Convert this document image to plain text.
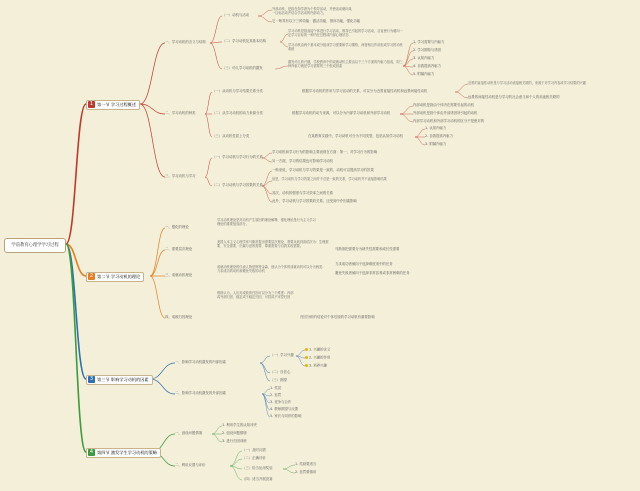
学前教育心理学学习过程
1 第一节 学习过程概述
一、学习动机的含义与结构
（一）动机与活动
外部动机，是指在如学游为个领导活动，并使活动朝向某一目标活动并结合学活动的内部动力。
它一般具有以下三种功能：激活功能，指向功能，强化功能
（二）学习动机及其基本结构
学习动机是指直接个体进行学习活动，维持已引起的学习活动，目直使行为朝向一定学习目标的一种内在过程或内部心理状态
学习动机由两个基本成分组成学习需要和学习期待，两者相互作用组成学习的动机系统
（三）幼儿学习动机的激发
激发幼儿的兴趣，学校教育中的成就动机主要由以下三个方面的内驱力组成，即三种内驱力就是学习需要的三个组成因素
1. 学习需要与内驱力
2. 学习期待与诱因
3. 认知内驱力
4. 自我提高内驱力
5. 附属内驱力
二、学习动机的种类
（一）从动机与学习结果关系分类	根据学习动机的作用与学习活动的关系，可以分为近景直接性动机和远景间接性动机
近景的直接性动机是与学习活动直接相关联的，来源于对学习内容或学习结果的兴趣
远景的间接性动机是与学习的社会意义和个人的前途相关联的
（二）从学习动机的动力来源分类	根据学习动机的动力来源，可以分为内部学习动机和外部学习动机
内部动机是指由个体内在需要引起的动机
外部动机是指个体由外部诱因所引起的动机
内部学习动机和外部学习动机的区分不是绝对的
（三）从动机性质上分类	在某教育实践中，学习动机可分为不同类型，包括认知学习动机
1. 认知内驱力
2. 自我提高内驱力
3. 附属内驱力
三、学习动机与学习
（一）学习动机与学习行为的关系
学习动机和学习行为的影响主要表现在方面：第一，对学习行为的影响
另一方面，学习的结果也可影响学习动机
（二）学习动机与学习效果的关系
一般来说，学习动机与学习效果是一致的，动机可以提高学习的效果
但是，学习动机与学习效果之间并不总是一致的关系，学习动机并不直接影响结果
其次，动机的强度与学习效率之间的关系
此外，学习动机与学习效果的关系，还受到中介因素影响
2 第二节 学习动机的理论
一、强化的理论
学习动机理论是对动机产生原因的理论解释，强化理论是行为主义学习理论的重要组成部分。
二、需要层次理论
美国人本主义心理学家马斯洛提出需要层次理论，需要从低到高依次为：生理需要、安全需要、归属与爱的需要、尊重需要与自我实现需要。
马斯洛把需要分为缺失性需要和成长性需要
三、成就动机理论
成就动机理论的代表人物是阿特金森，他认为个体的成就动机可以分为两类：力求成功的动机和避免失败的动机
力求成功者倾向于选择难度适中的任务
避免失败者倾向于选择非常容易或非常困难的任务
四、成败归因理论
维纳认为，人们对成败的归因可以分为三个维度：内部或外部归因、稳定或不稳定归因、可控或不可控归因
归因分析的结论对个体后续的学习动机有重要影响
3 第三节 影响学习动机的因素
一、影响学习动机激发的内部因素
（一）学习兴趣
1. 兴趣的含义
2. 兴趣的作用
3. 培养兴趣
（二）自信心
（三）期望
二、影响学习动机激发的外部因素
1. 奖赏
2. 惩罚
3. 竞争与合作
4. 教师期望与反馈
5. 家长与同伴的影响
4 第四节 激发学生学习动机的策略
一、创设问题情境
1. 利用学生的认知冲突
2. 创设问题情境
3. 进行归因训练
二、利用反馈与评价
（一）及时反馈
（二）正确评价
（三）恰当运用奖惩
（四）适当开展竞赛
1. 奖励要适当
2. 惩罚要慎用
